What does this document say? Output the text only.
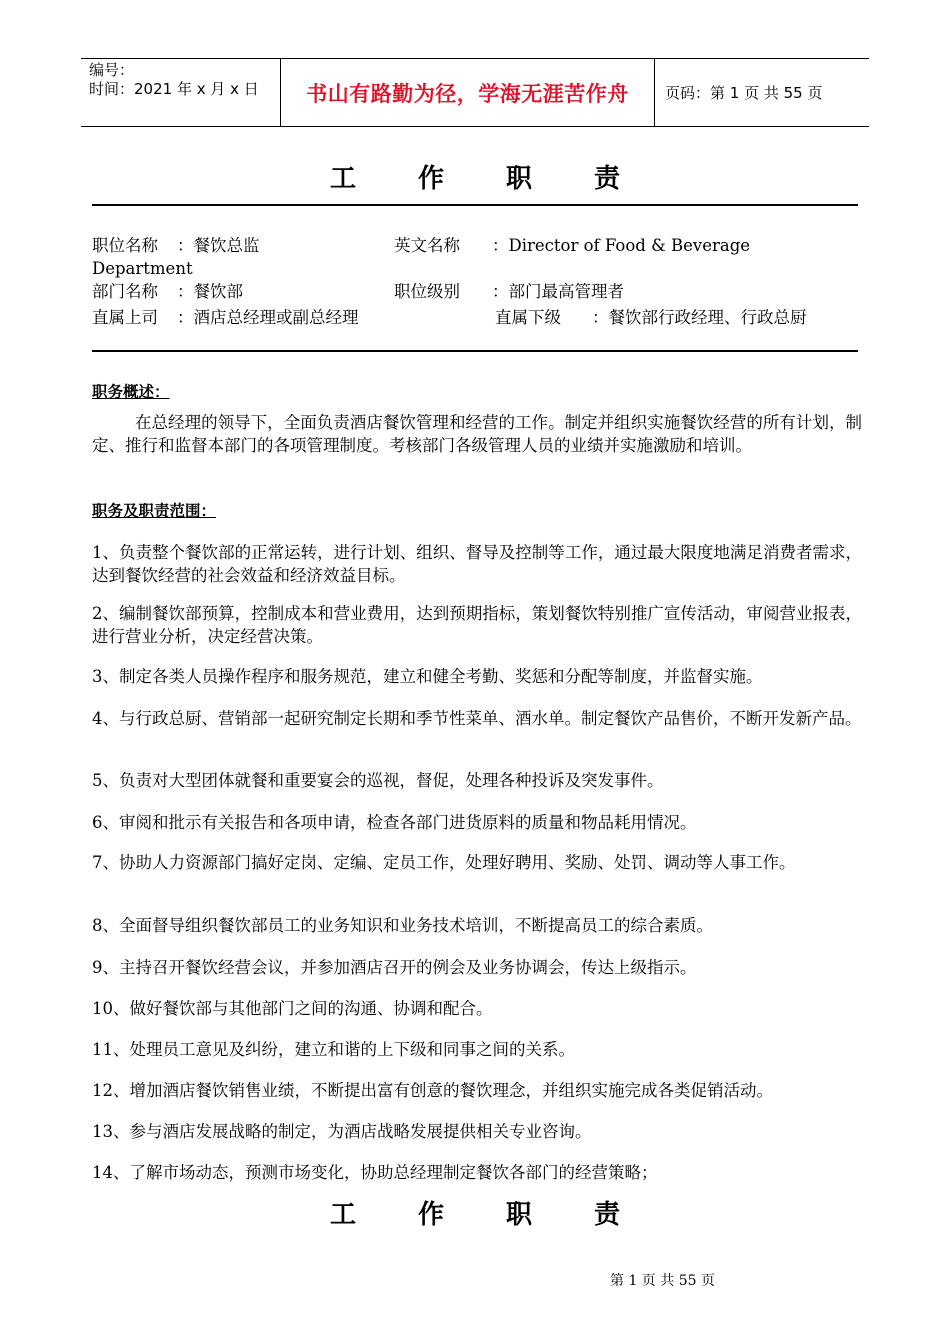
编号：
时间：2021 年 x 月 x 日	书山有路勤为径，学海无涯苦作舟 页码：第 1 页 共 55 页
工作职责
职位名称 ：餐饮总监	英文名称 ：Director of Food & Beverage
Department
部门名称 ：餐饮部	职位级别 ：部门最高管理者
直属上司 ：酒店总经理或副总经理	直属下级 ：餐饮部行政经理、行政总厨
职务概述：
在总经理的领导下，全面负责酒店餐饮管理和经营的工作。制定并组织实施餐饮经营的所有计划，制定、推行和监督本部门的各项管理制度。考核部门各级管理人员的业绩并实施激励和培训。
职务及职责范围：
1、负责整个餐饮部的正常运转，进行计划、组织、督导及控制等工作，通过最大限度地满足消费者需求，达到餐饮经营的社会效益和经济效益目标。
2、编制餐饮部预算，控制成本和营业费用，达到预期指标，策划餐饮特别推广宣传活动，审阅营业报表，进行营业分析，决定经营决策。
3、制定各类人员操作程序和服务规范，建立和健全考勤、奖惩和分配等制度，并监督实施。
4、与行政总厨、营销部一起研究制定长期和季节性菜单、酒水单。制定餐饮产品售价，不断开发新产品。
5、负责对大型团体就餐和重要宴会的巡视，督促，处理各种投诉及突发事件。
6、审阅和批示有关报告和各项申请，检查各部门进货原料的质量和物品耗用情况。
7、协助人力资源部门搞好定岗、定编、定员工作，处理好聘用、奖励、处罚、调动等人事工作。
8、全面督导组织餐饮部员工的业务知识和业务技术培训，不断提高员工的综合素质。
9、主持召开餐饮经营会议，并参加酒店召开的例会及业务协调会，传达上级指示。
10、做好餐饮部与其他部门之间的沟通、协调和配合。
11、处理员工意见及纠纷，建立和谐的上下级和同事之间的关系。
12、增加酒店餐饮销售业绩，不断提出富有创意的餐饮理念，并组织实施完成各类促销活动。
13、参与酒店发展战略的制定，为酒店战略发展提供相关专业咨询。
14、了解市场动态，预测市场变化，协助总经理制定餐饮各部门的经营策略；
工作职责
第 1 页 共 55 页
